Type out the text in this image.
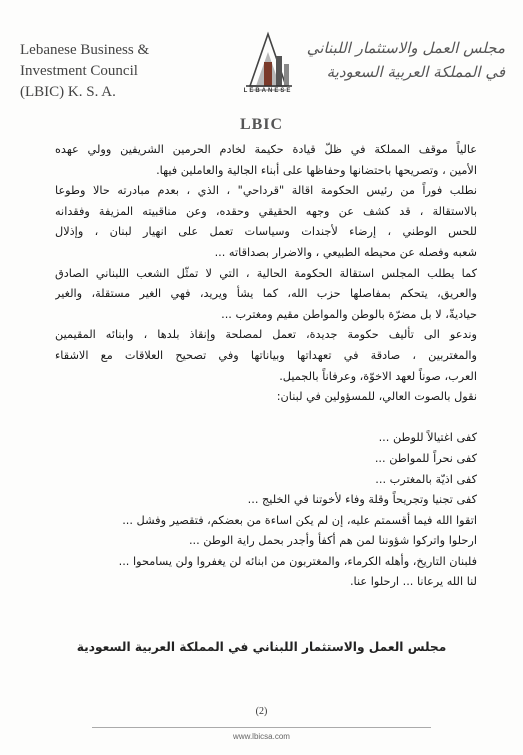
Lebanese Business &
Investment Council
(LBIC) K. S. A.	LEBANESE
مجلس العمل والاستثمار اللبناني
في المملكة العربية السعودية
LBIC
عالياً موقف المملكة في ظلّ قيادة حكيمة لخادم الحرمين الشريفين وولي عهده
الأمين ، وتصريحها باحتضانها وحفاظها على أبناء الجالية والعاملين فيها.
نطلب فوراً من رئيس الحكومة اقالة "قرداحي" ، الذي ، بعدم مبادرته حالا وطوعا
بالاستقالة ، قد كشف عن وجهه الحقيقي وحقده، وعن مناقبيته المزيفة وفقدانه
للحس الوطني ، إرضاء لأجندات وسياسات تعمل على انهيار لبنان ، وإذلال
شعبه وفصله عن محيطه الطبيعي ، والاضرار بصداقاته ...
كما يطلب المجلس استقالة الحكومة الحالية ، التي لا تمثّل الشعب اللبناني الصادق
والعريق، يتحكم بمفاصلها حزب الله، كما يشأ ويريد، فهي الغير مستقلة، والغير
حياديةّ، لا بل مضرّة بالوطن والمواطن مقيم ومغترب ...
وندعو الى تأليف حكومة جديدة، تعمل لمصلحة وإنقاذ بلدها ، وابنائه المقيمين
والمغتربين ، صادقة في تعهداتها وبياناتها وفي تصحيح العلاقات مع الاشقاء
العرب، صوناً لعهد الاخوّة، وعرفاناً بالجميل.
نقول بالصوت العالي، للمسؤولين في لبنان:

كفى اغتيالاً للوطن ...
كفى نحراً للمواطن ...
كفى اذيّة بالمغترب ...
كفى تجنيا وتجريحاً وقلة وفاء لأخوتنا في الخليج ...
اتقوا الله فيما أقسمتم عليه، إن لم يكن اساءة من بعضكم، فتقصير وفشل ...
ارحلوا واتركوا شؤوننا لمن هم أكفأ وأجدر بحمل راية الوطن ...
فلبنان التاريخ، وأهله الكرماء، والمغتربون من ابنائه لن يغفروا ولن يسامحوا ...
لنا الله يرعانا ... ارحلوا عنا.
مجلس العمل والاستثمار اللبناني في المملكة العربية السعودية
(2)
www.lbicsa.com
